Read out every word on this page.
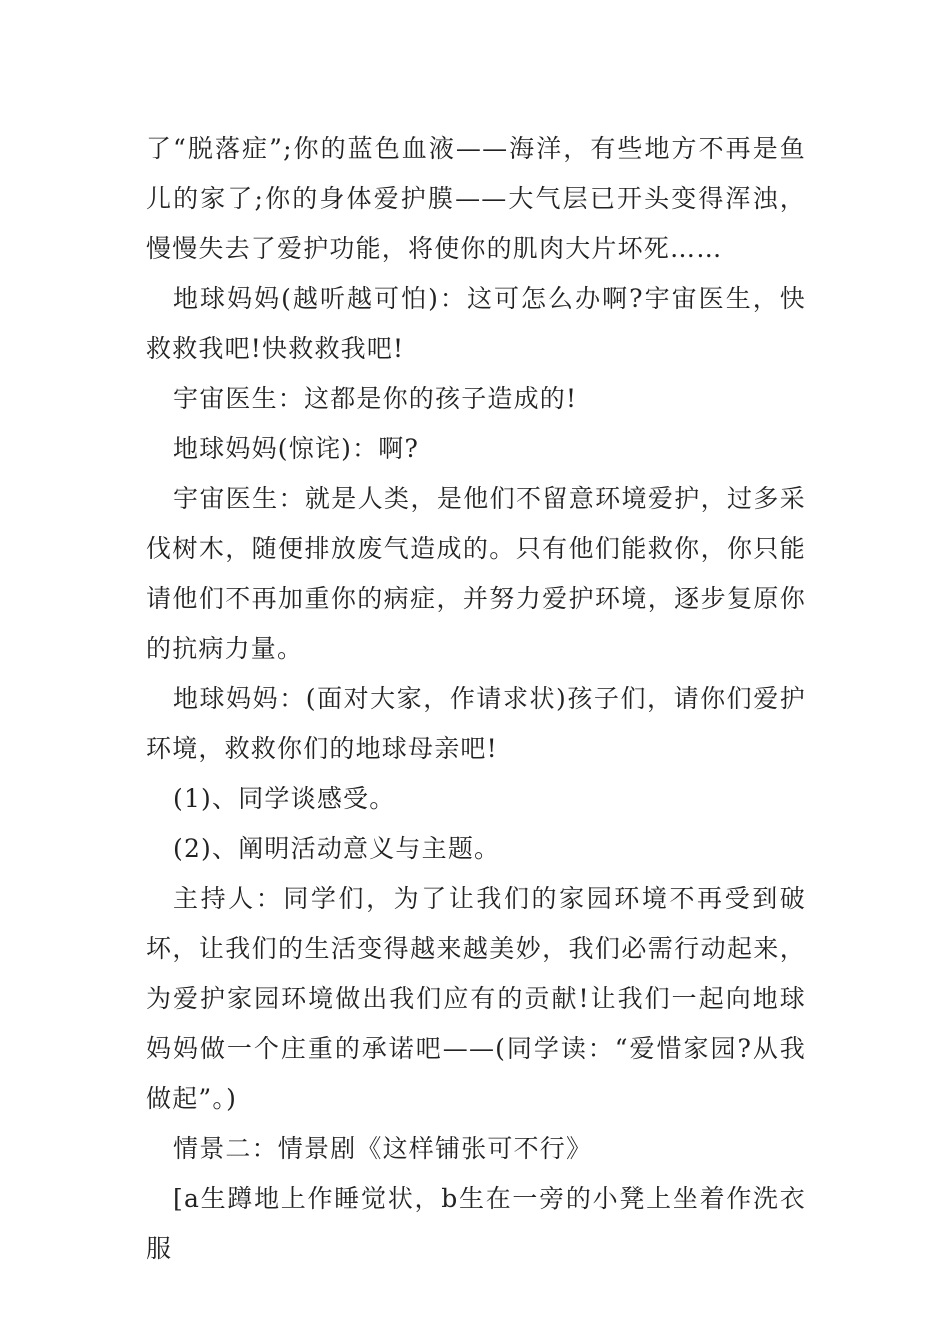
了“脱落症”;你的蓝色血液——海洋，有些地方不再是鱼儿的家了;你的身体爱护膜——大气层已开头变得浑浊，慢慢失去了爱护功能，将使你的肌肉大片坏死……

地球妈妈(越听越可怕)：这可怎么办啊?宇宙医生，快救救我吧!快救救我吧!

宇宙医生：这都是你的孩子造成的!

地球妈妈(惊诧)：啊?

宇宙医生：就是人类，是他们不留意环境爱护，过多采伐树木，随便排放废气造成的。只有他们能救你，你只能请他们不再加重你的病症，并努力爱护环境，逐步复原你的抗病力量。

地球妈妈：(面对大家，作请求状)孩子们，请你们爱护环境，救救你们的地球母亲吧!

(1)、同学谈感受。

(2)、阐明活动意义与主题。

主持人：同学们，为了让我们的家园环境不再受到破坏，让我们的生活变得越来越美妙，我们必需行动起来，为爱护家园环境做出我们应有的贡献!让我们一起向地球妈妈做一个庄重的承诺吧——(同学读：“爱惜家园?从我做起”。)

情景二：情景剧《这样铺张可不行》

[a生蹲地上作睡觉状，b生在一旁的小凳上坐着作洗衣服
